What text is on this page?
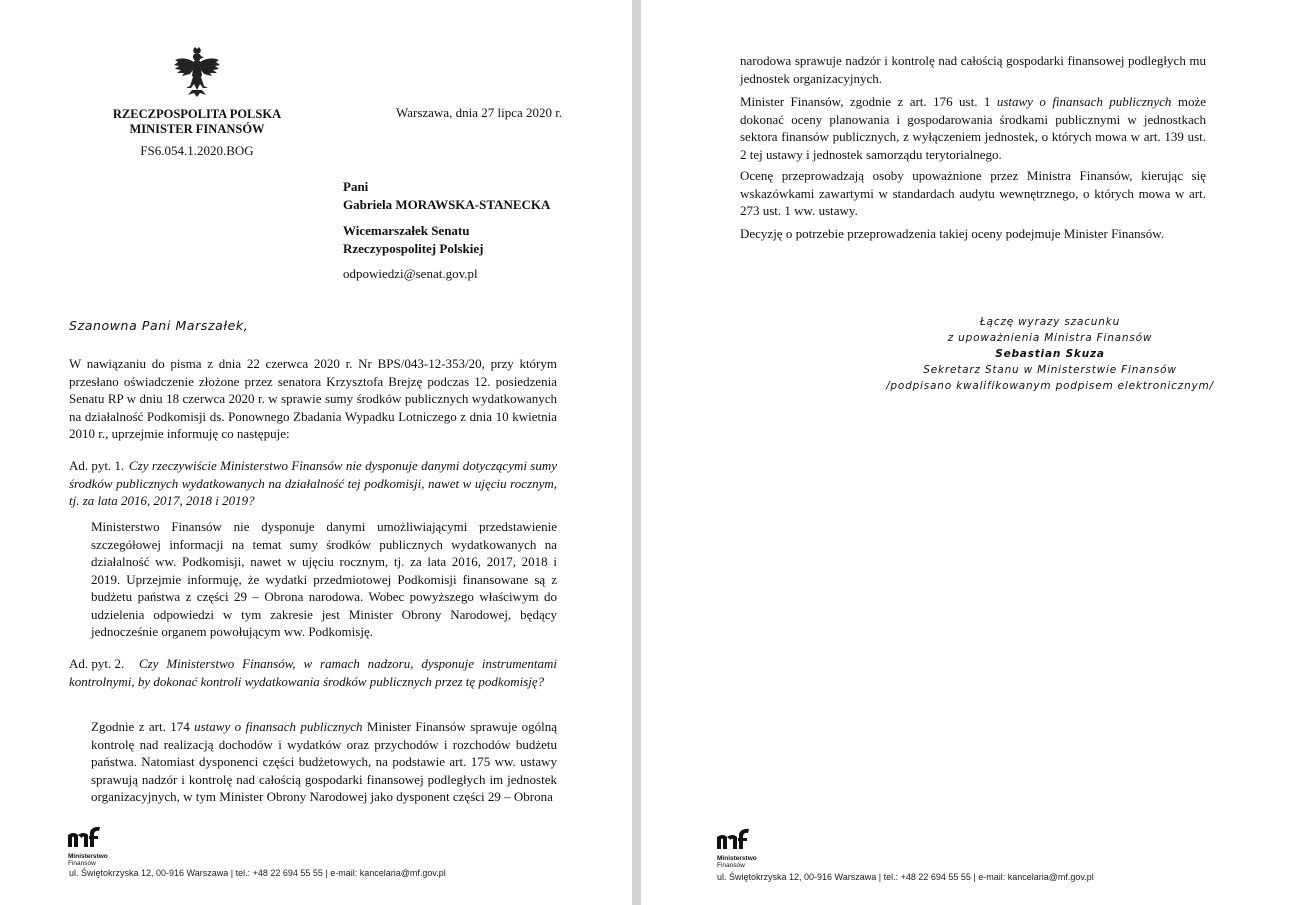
RZECZPOSPOLITA POLSKA
MINISTER FINANSÓW
FS6.054.1.2020.BOG
Warszawa, dnia 27 lipca 2020 r.
Pani
Gabriela MORAWSKA-STANECKA
Wicemarszałek Senatu
Rzeczypospolitej Polskiej
odpowiedzi@senat.gov.pl
Szanowna Pani Marszałek,

W nawiązaniu do pisma z dnia 22 czerwca 2020 r. Nr BPS/043-12-353/20, przy którym przesłano oświadczenie złożone przez senatora Krzysztofa Brejzę podczas 12. posiedzenia Senatu RP w dniu 18 czerwca 2020 r. w sprawie sumy środków publicznych wydatkowanych na działalność Podkomisji ds. Ponownego Zbadania Wypadku Lotniczego z dnia 10 kwietnia 2010 r., uprzejmie informuję co następuje:

Ad. pyt. 1. Czy rzeczywiście Ministerstwo Finansów nie dysponuje danymi dotyczącymi sumy środków publicznych wydatkowanych na działalność tej podkomisji, nawet w ujęciu rocznym, tj. za lata 2016, 2017, 2018 i 2019?

Ministerstwo Finansów nie dysponuje danymi umożliwiającymi przedstawienie szczegółowej informacji na temat sumy środków publicznych wydatkowanych na działalność ww. Podkomisji, nawet w ujęciu rocznym, tj. za lata 2016, 2017, 2018 i 2019. Uprzejmie informuję, że wydatki przedmiotowej Podkomisji finansowane są z budżetu państwa z części 29 – Obrona narodowa. Wobec powyższego właściwym do udzielenia odpowiedzi w tym zakresie jest Minister Obrony Narodowej, będący jednocześnie organem powołującym ww. Podkomisję.

Ad. pyt. 2.	Czy Ministerstwo Finansów, w ramach nadzoru, dysponuje instrumentami kontrolnymi, by dokonać kontroli wydatkowania środków publicznych przez tę podkomisję?

Zgodnie z art. 174 ustawy o finansach publicznych Minister Finansów sprawuje ogólną kontrolę nad realizacją dochodów i wydatków oraz przychodów i rozchodów budżetu państwa. Natomiast dysponenci części budżetowych, na podstawie art. 175 ww. ustawy sprawują nadzór i kontrolę nad całością gospodarki finansowej podległych im jednostek organizacyjnych, w tym Minister Obrony Narodowej jako dysponent części 29 – Obrona

Ministerstwo
Finansów
ul. Świętokrzyska 12, 00-916 Warszawa | tel.: +48 22 694 55 55 | e-mail: kancelaria@mf.gov.pl

narodowa sprawuje nadzór i kontrolę nad całością gospodarki finansowej podległych mu jednostek organizacyjnych.

Minister Finansów, zgodnie z art. 176 ust. 1 ustawy o finansach publicznych może dokonać oceny planowania i gospodarowania środkami publicznymi w jednostkach sektora finansów publicznych, z wyłączeniem jednostek, o których mowa w art. 139 ust. 2 tej ustawy i jednostek samorządu terytorialnego.

Ocenę przeprowadzają osoby upoważnione przez Ministra Finansów, kierując się wskazówkami zawartymi w standardach audytu wewnętrznego, o których mowa w art. 273 ust. 1 ww. ustawy.

Decyzję o potrzebie przeprowadzenia takiej oceny podejmuje Minister Finansów.

Łączę wyrazy szacunku
z upoważnienia Ministra Finansów
Sebastian Skuza
Sekretarz Stanu w Ministerstwie Finansów
/podpisano kwalifikowanym podpisem elektronicznym/
Ministerstwo
Finansów
ul. Świętokrzyska 12, 00-916 Warszawa | tel.: +48 22 694 55 55 | e-mail: kancelaria@mf.gov.pl
